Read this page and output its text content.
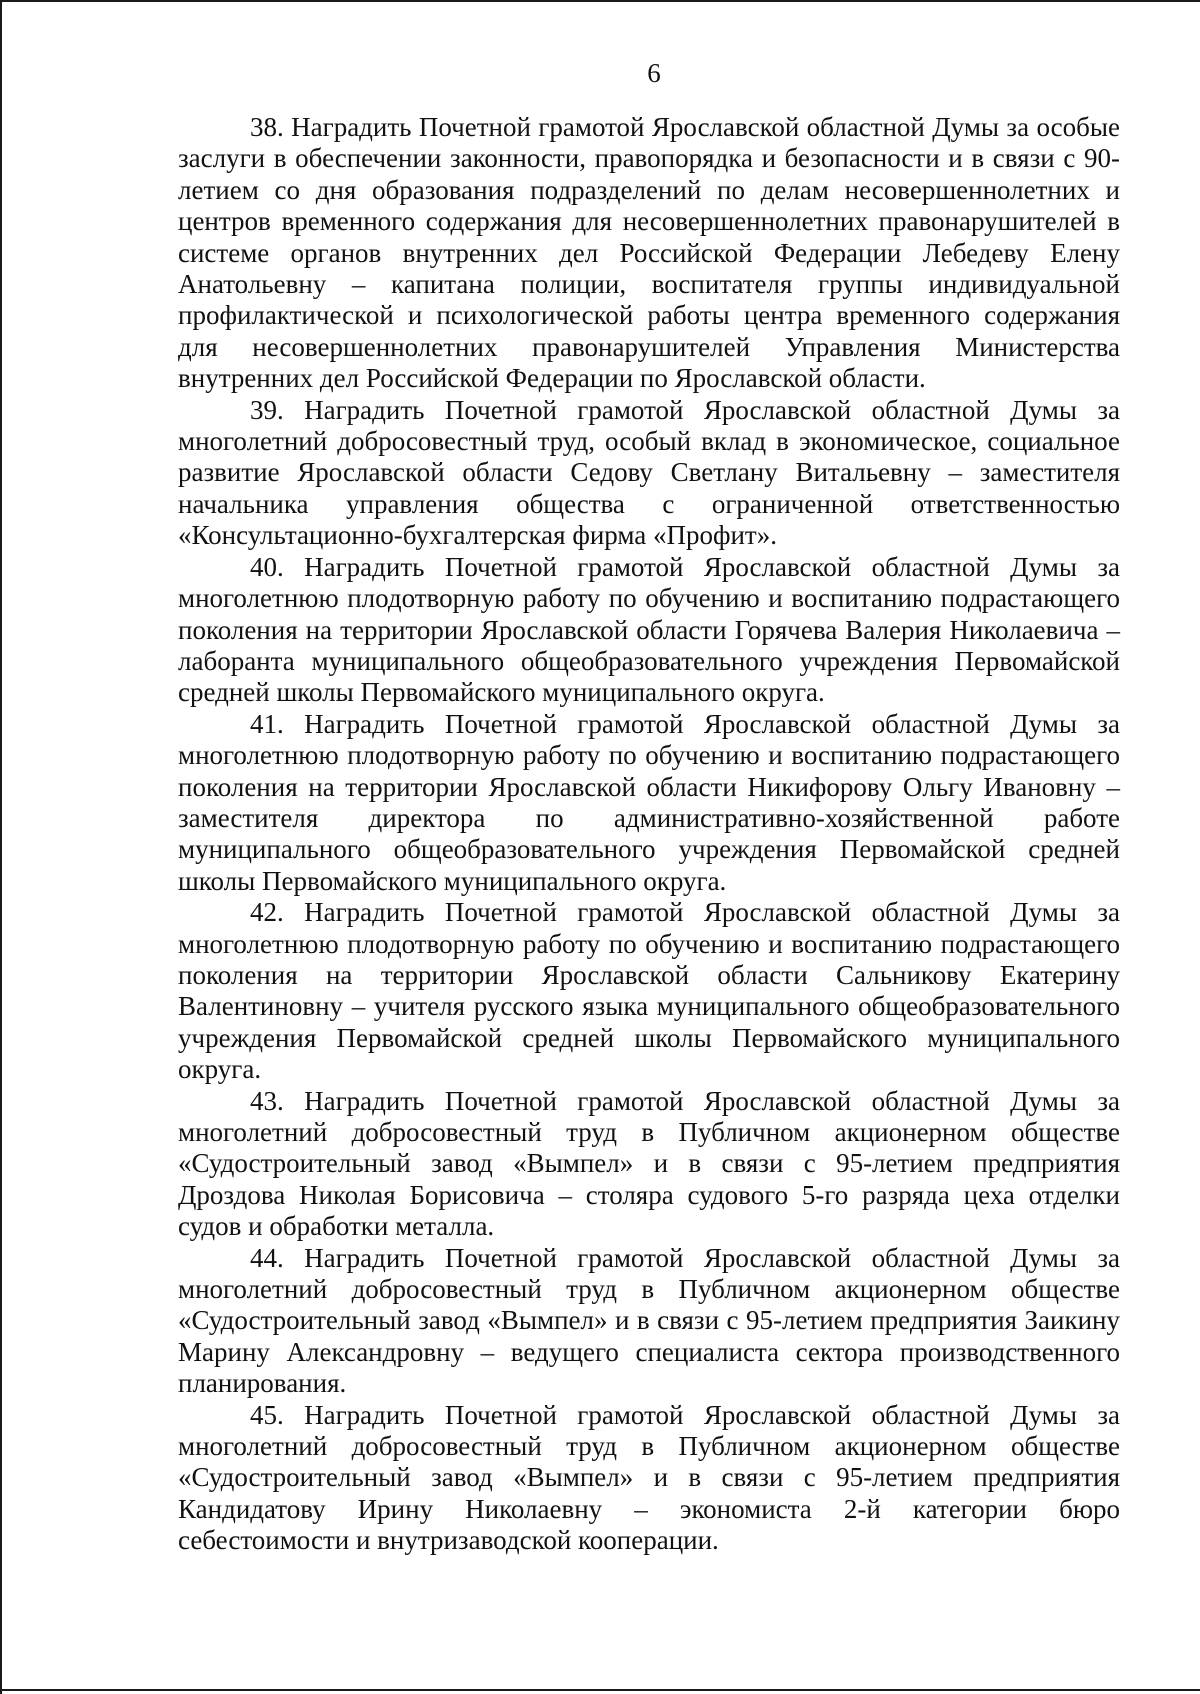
6

38. Наградить Почетной грамотой Ярославской областной Думы за особые заслуги в обеспечении законности, правопорядка и безопасности и в связи с 90-летием со дня образования подразделений по делам несовершеннолетних и центров временного содержания для несовершеннолетних правонарушителей в системе органов внутренних дел Российской Федерации Лебедеву Елену Анатольевну – капитана полиции, воспитателя группы индивидуальной профилактической и психологической работы центра временного содержания для несовершеннолетних правонарушителей Управления Министерства внутренних дел Российской Федерации по Ярославской области.

39. Наградить Почетной грамотой Ярославской областной Думы за многолетний добросовестный труд, особый вклад в экономическое, социальное развитие Ярославской области Седову Светлану Витальевну – заместителя начальника управления общества с ограниченной ответственностью «Консультационно-бухгалтерская фирма «Профит».

40. Наградить Почетной грамотой Ярославской областной Думы за многолетнюю плодотворную работу по обучению и воспитанию подрастающего поколения на территории Ярославской области Горячева Валерия Николаевича – лаборанта муниципального общеобразовательного учреждения Первомайской средней школы Первомайского муниципального округа.

41. Наградить Почетной грамотой Ярославской областной Думы за многолетнюю плодотворную работу по обучению и воспитанию подрастающего поколения на территории Ярославской области Никифорову Ольгу Ивановну – заместителя директора по административно-хозяйственной работе муниципального общеобразовательного учреждения Первомайской средней школы Первомайского муниципального округа.

42. Наградить Почетной грамотой Ярославской областной Думы за многолетнюю плодотворную работу по обучению и воспитанию подрастающего поколения на территории Ярославской области Сальникову Екатерину Валентиновну – учителя русского языка муниципального общеобразовательного учреждения Первомайской средней школы Первомайского муниципального округа.

43. Наградить Почетной грамотой Ярославской областной Думы за многолетний добросовестный труд в Публичном акционерном обществе «Судостроительный завод «Вымпел» и в связи с 95-летием предприятия Дроздова Николая Борисовича – столяра судового 5-го разряда цеха отделки судов и обработки металла.

44. Наградить Почетной грамотой Ярославской областной Думы за многолетний добросовестный труд в Публичном акционерном обществе «Судостроительный завод «Вымпел» и в связи с 95-летием предприятия Заикину Марину Александровну – ведущего специалиста сектора производственного планирования.

45. Наградить Почетной грамотой Ярославской областной Думы за многолетний добросовестный труд в Публичном акционерном обществе «Судостроительный завод «Вымпел» и в связи с 95-летием предприятия Кандидатову Ирину Николаевну – экономиста 2-й категории бюро себестоимости и внутризаводской кооперации.
